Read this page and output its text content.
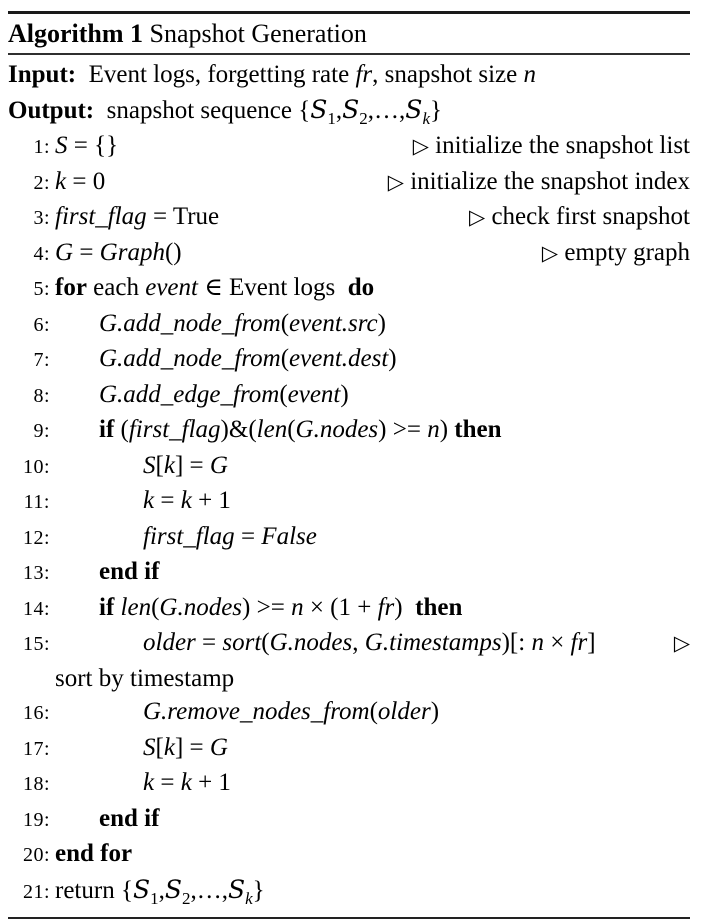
Algorithm 1 Snapshot Generation
Input:  Event logs, forgetting rate fr, snapshot size n
Output:  snapshot sequence $\{S_1,S_2,\dots,S_k\}$
1: S = {}	▷ initialize the snapshot list
2: k = 0	▷ initialize the snapshot index
3: first_flag = True	▷ check first snapshot
4: G = Graph()	▷ empty graph
5: for each event ∈ Event logs  do
6:	G.add_node_from(event.src)
7:	G.add_node_from(event.dest)
8:	G.add_edge_from(event)
9:	if (first_flag)&(len(G.nodes) >= n) then
10:	S[k] = G
11:	k = k + 1
12:	first_flag = False
13:	end if
14:	if len(G.nodes) >= n × (1 + fr)  then
15:	older = sort(G.nodes, G.timestamps)[: n × fr]	▷
sort by timestamp
16:	G.remove_nodes_from(older)
17:	S[k] = G
18:	k = k + 1
19:	end if
20: end for
21: return $\{S_1,S_2,\dots,S_k\}$
